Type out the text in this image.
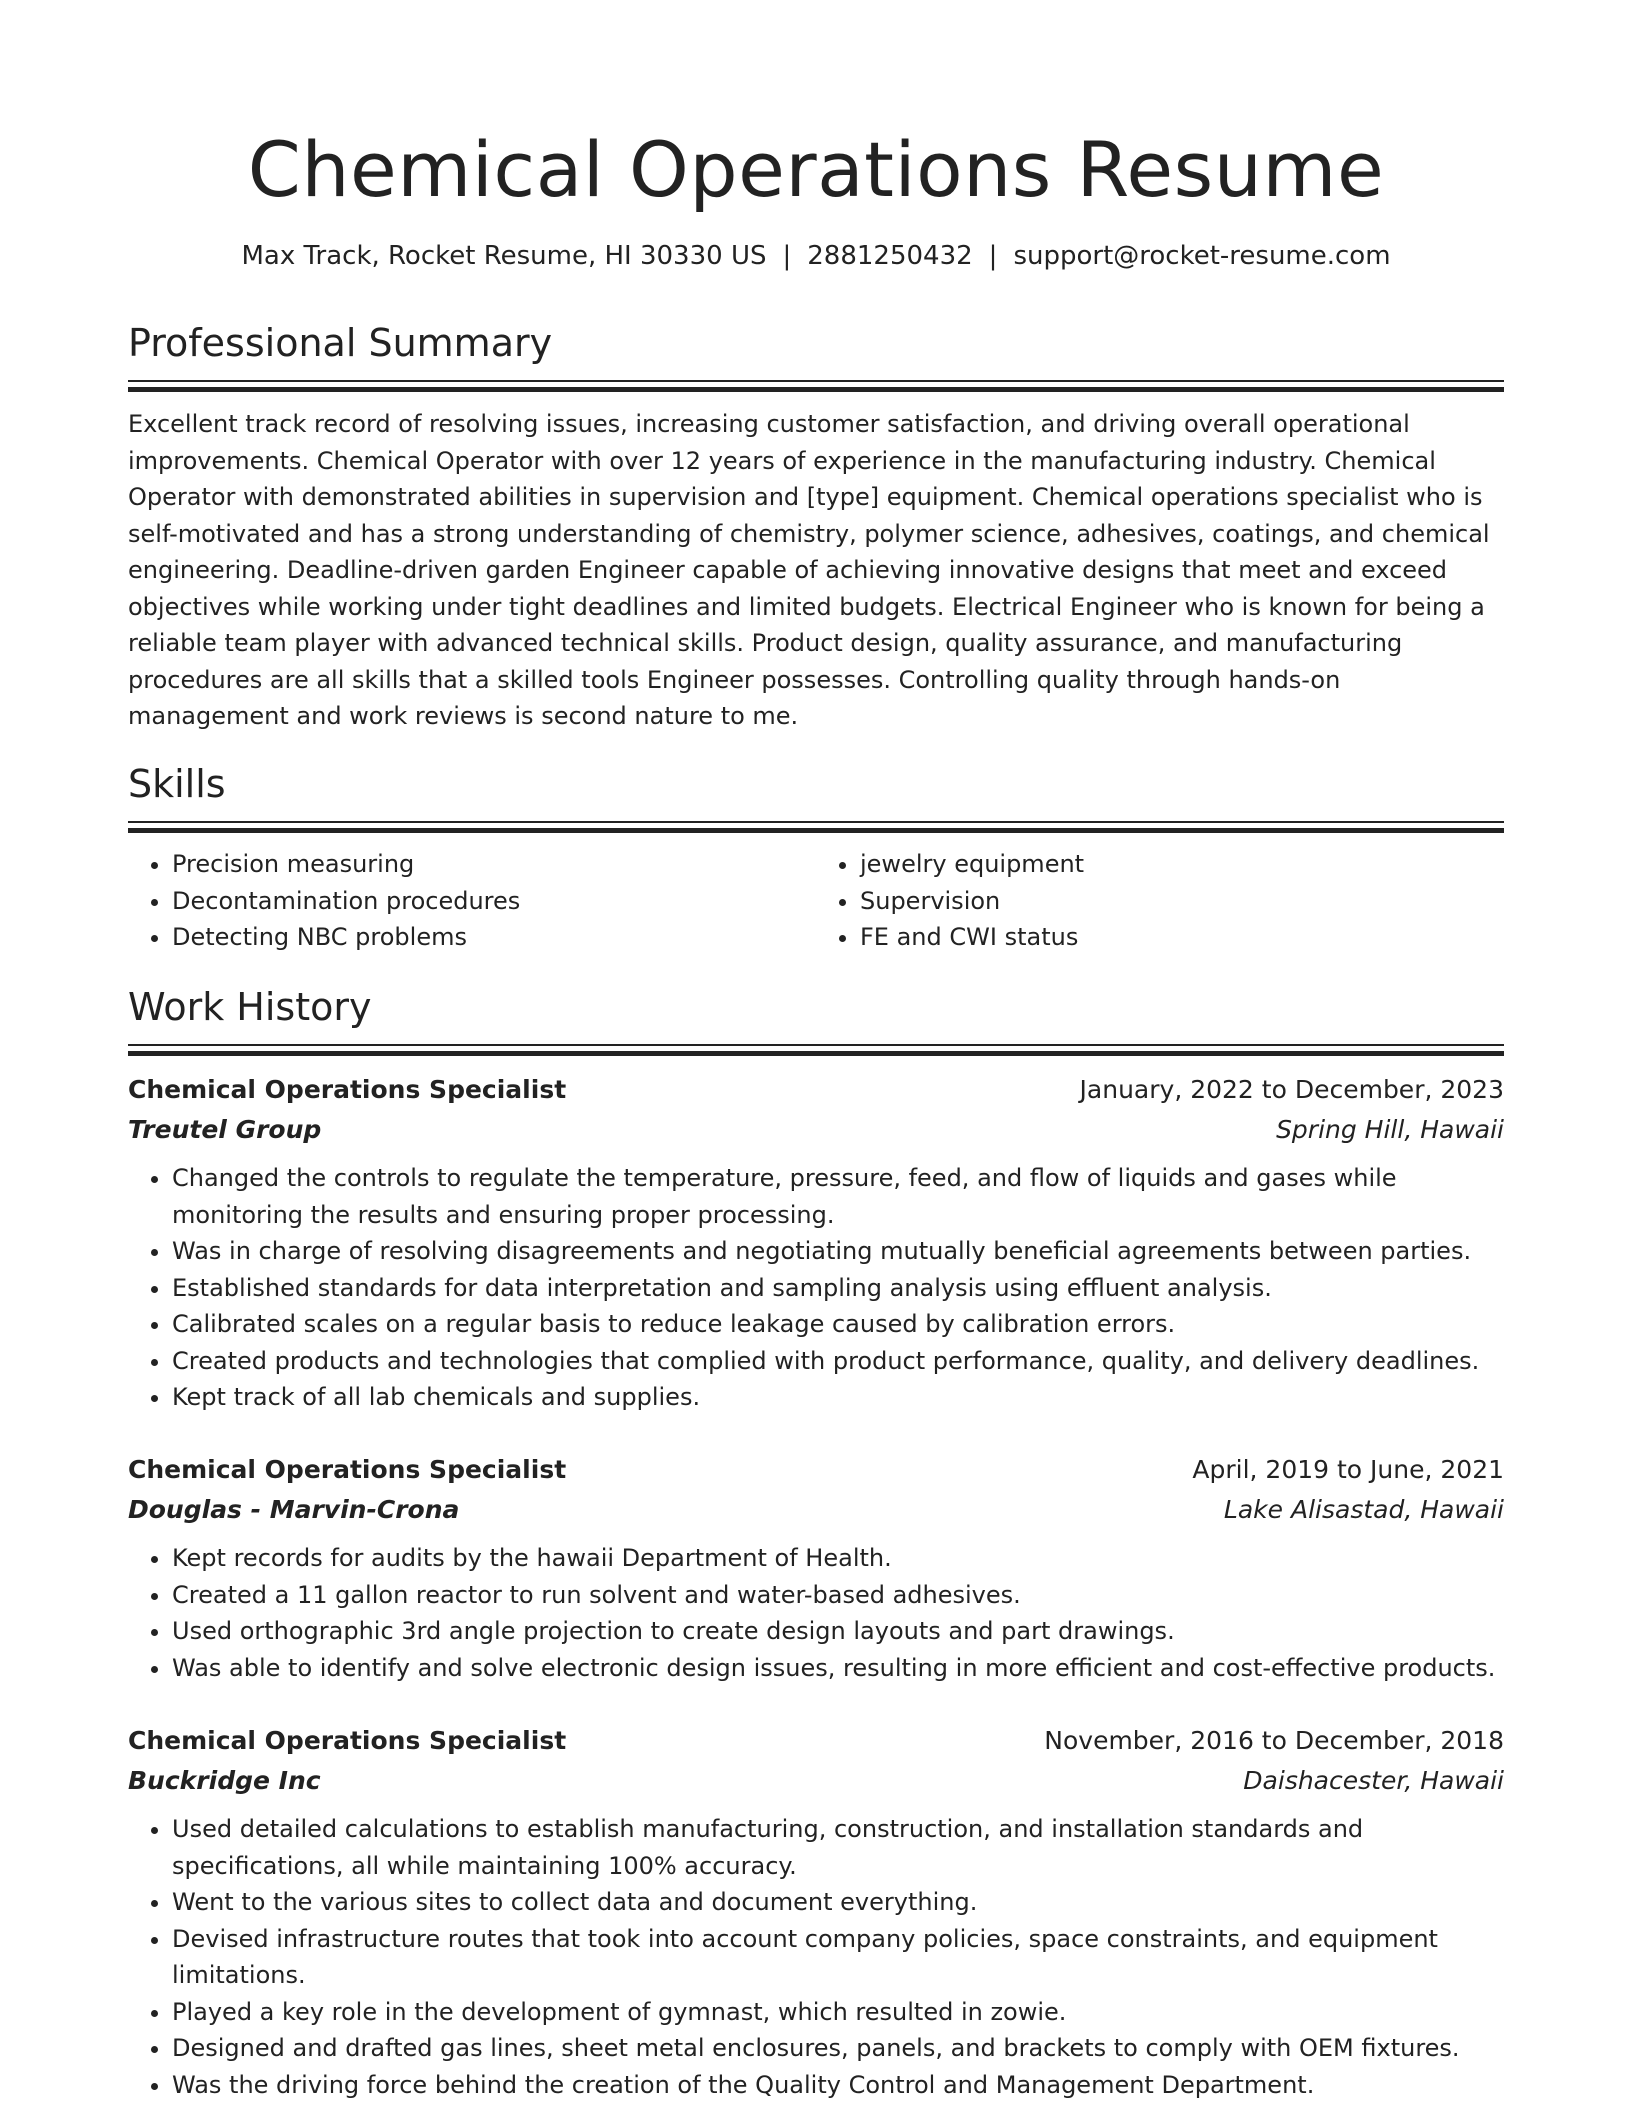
Chemical Operations Resume
Max Track, Rocket Resume, HI 30330 US | 2881250432 | support@rocket-resume.com
Professional Summary

Excellent track record of resolving issues, increasing customer satisfaction, and driving overall operational improvements. Chemical Operator with over 12 years of experience in the manufacturing industry. Chemical Operator with demonstrated abilities in supervision and [type] equipment. Chemical operations specialist who is self-motivated and has a strong understanding of chemistry, polymer science, adhesives, coatings, and chemical engineering. Deadline-driven garden Engineer capable of achieving innovative designs that meet and exceed objectives while working under tight deadlines and limited budgets. Electrical Engineer who is known for being a reliable team player with advanced technical skills. Product design, quality assurance, and manufacturing procedures are all skills that a skilled tools Engineer possesses. Controlling quality through hands-on management and work reviews is second nature to me.

Skills
• Precision measuring
• Decontamination procedures
• Detecting NBC problems
• jewelry equipment
• Supervision
• FE and CWI status
Work History
Chemical Operations Specialist	January, 2022 to December, 2023
Treutel Group	Spring Hill, Hawaii
• Changed the controls to regulate the temperature, pressure, feed, and flow of liquids and gases while monitoring the results and ensuring proper processing.
• Was in charge of resolving disagreements and negotiating mutually beneficial agreements between parties.
• Established standards for data interpretation and sampling analysis using effluent analysis.
• Calibrated scales on a regular basis to reduce leakage caused by calibration errors.
• Created products and technologies that complied with product performance, quality, and delivery deadlines.
• Kept track of all lab chemicals and supplies.
Chemical Operations Specialist	April, 2019 to June, 2021
Douglas - Marvin-Crona	Lake Alisastad, Hawaii
• Kept records for audits by the hawaii Department of Health.
• Created a 11 gallon reactor to run solvent and water-based adhesives.
• Used orthographic 3rd angle projection to create design layouts and part drawings.
• Was able to identify and solve electronic design issues, resulting in more efficient and cost-effective products.
Chemical Operations Specialist	November, 2016 to December, 2018
Buckridge Inc	Daishacester, Hawaii
• Used detailed calculations to establish manufacturing, construction, and installation standards and specifications, all while maintaining 100% accuracy.
• Went to the various sites to collect data and document everything.
• Devised infrastructure routes that took into account company policies, space constraints, and equipment limitations.
• Played a key role in the development of gymnast, which resulted in zowie.
• Designed and drafted gas lines, sheet metal enclosures, panels, and brackets to comply with OEM fixtures.
• Was the driving force behind the creation of the Quality Control and Management Department.
